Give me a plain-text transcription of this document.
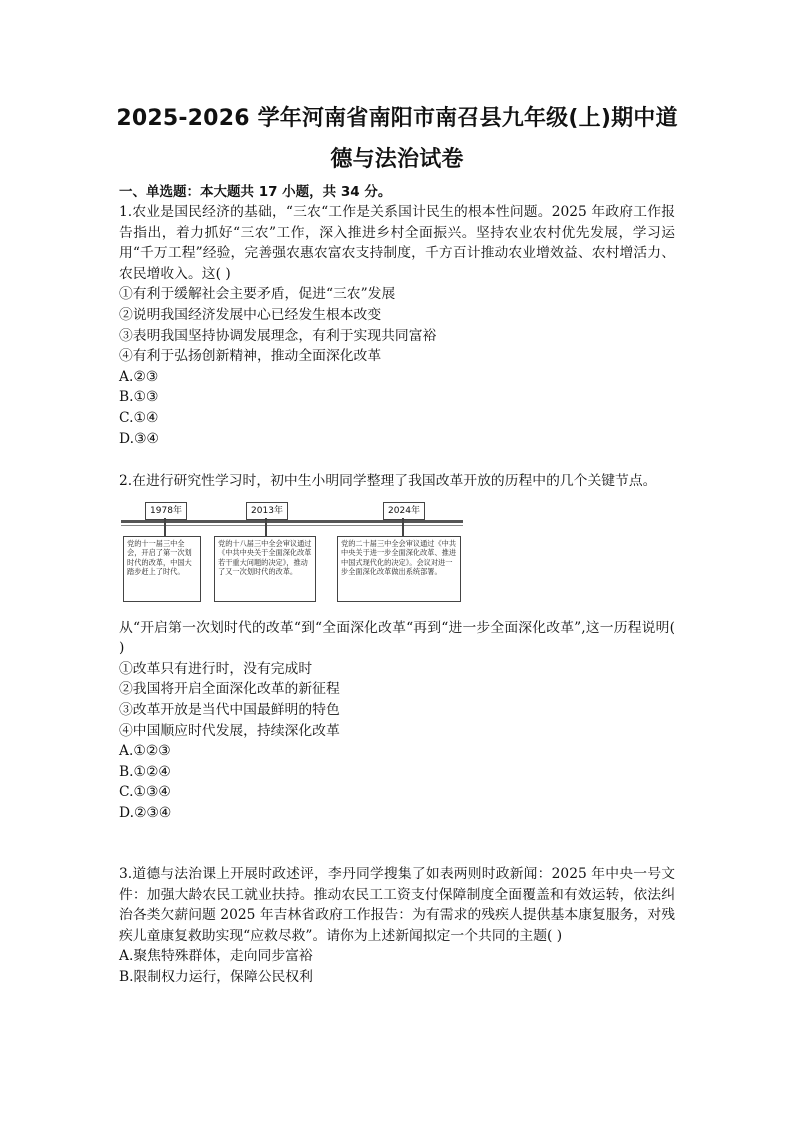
2025-2026 学年河南省南阳市南召县九年级(上)期中道
德与法治试卷
一、单选题：本大题共 17 小题，共 34 分。

1.农业是国民经济的基础，“三农“工作是关系国计民生的根本性问题。2025 年政府工作报告指出，着力抓好“三农”工作，深入推进乡村全面振兴。坚持农业农村优先发展，学习运用“千万工程”经验，完善强农惠农富农支持制度，千方百计推动农业增效益、农村增活力、农民增收入。这( )

①有利于缓解社会主要矛盾，促进“三农”发展

②说明我国经济发展中心已经发生根本改变

③表明我国坚持协调发展理念，有利于实现共同富裕

④有利于弘扬创新精神，推动全面深化改革

A.②③

B.①③

C.①④

D.③④

2.在进行研究性学习时，初中生小明同学整理了我国改革开放的历程中的几个关键节点。

1978年
党的十一届三中全会，开启了第一次划时代的改革，中国大踏步赶上了时代。
2013年
党的十八届三中全会审议通过《中共中央关于全面深化改革若干重大问题的决定》，推动了又一次划时代的改革。
2024年
党的二十届三中全会审议通过《中共中央关于进一步全面深化改革、推进中国式现代化的决定》。会议对进一步全面深化改革做出系统部署。

从“开启第一次划时代的改革“到“全面深化改革“再到“进一步全面深化改革”,这一历程说明( )

①改革只有进行时，没有完成时

②我国将开启全面深化改革的新征程

③改革开放是当代中国最鲜明的特色

④中国顺应时代发展，持续深化改革

A.①②③

B.①②④

C.①③④

D.②③④

3.道德与法治课上开展时政述评，李丹同学搜集了如表两则时政新闻：2025 年中央一号文件：加强大龄农民工就业扶持。推动农民工工资支付保障制度全面覆盖和有效运转，依法纠治各类欠薪问题 2025 年吉林省政府工作报告：为有需求的残疾人提供基本康复服务，对残疾儿童康复救助实现“应救尽救”。请你为上述新闻拟定一个共同的主题( )

A.聚焦特殊群体，走向同步富裕

B.限制权力运行，保障公民权利
